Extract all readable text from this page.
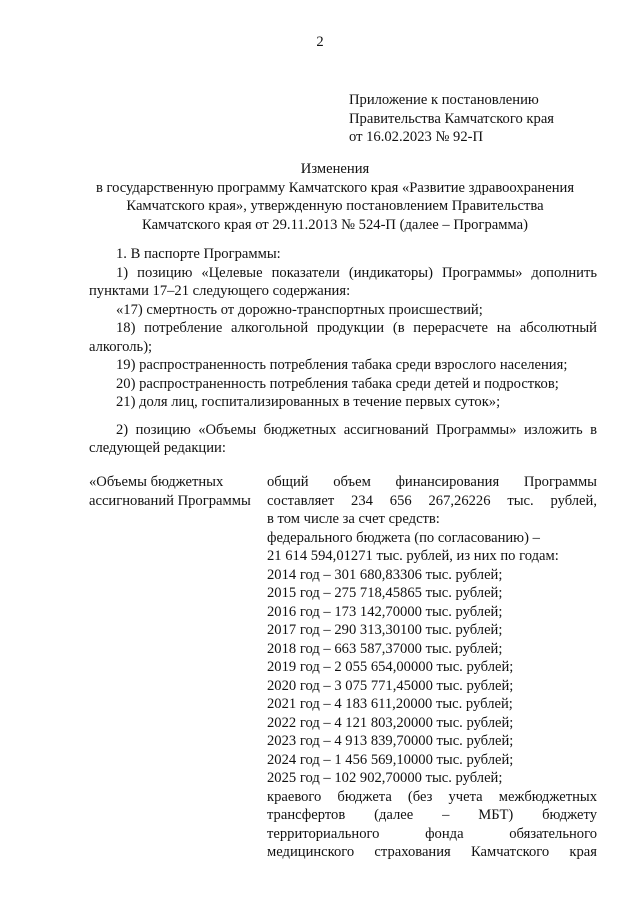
2
Приложение к постановлению
Правительства Камчатского края
от 16.02.2023 № 92-П
Изменения
в государственную программу Камчатского края «Развитие здравоохранения
Камчатского края», утвержденную постановлением Правительства
Камчатского края от 29.11.2013 № 524-П (далее – Программа)
1. В паспорте Программы:
1) позицию «Целевые показатели (индикаторы) Программы» дополнить
пунктами 17–21 следующего содержания:
«17) смертность от дорожно-транспортных происшествий;
18) потребление алкогольной продукции (в перерасчете на абсолютный
алкоголь);
19) распространенность потребления табака среди взрослого населения;
20) распространенность потребления табака среди детей и подростков;
21) доля лиц, госпитализированных в течение первых суток»;
2) позицию «Объемы бюджетных ассигнований Программы» изложить в
следующей редакции:
«Объемы бюджетных
ассигнований Программы
общий объем финансирования Программы
составляет 234 656 267,26226 тыс. рублей,
в том числе за счет средств:
федерального бюджета (по согласованию) –
21 614 594,01271 тыс. рублей, из них по годам:
2014 год – 301 680,83306 тыс. рублей;
2015 год – 275 718,45865 тыс. рублей;
2016 год – 173 142,70000 тыс. рублей;
2017 год – 290 313,30100 тыс. рублей;
2018 год – 663 587,37000 тыс. рублей;
2019 год – 2 055 654,00000 тыс. рублей;
2020 год – 3 075 771,45000 тыс. рублей;
2021 год – 4 183 611,20000 тыс. рублей;
2022 год – 4 121 803,20000 тыс. рублей;
2023 год – 4 913 839,70000 тыс. рублей;
2024 год – 1 456 569,10000 тыс. рублей;
2025 год – 102 902,70000 тыс. рублей;
краевого бюджета (без учета межбюджетных
трансфертов (далее – МБТ) бюджету
территориального фонда обязательного
медицинского страхования Камчатского края
